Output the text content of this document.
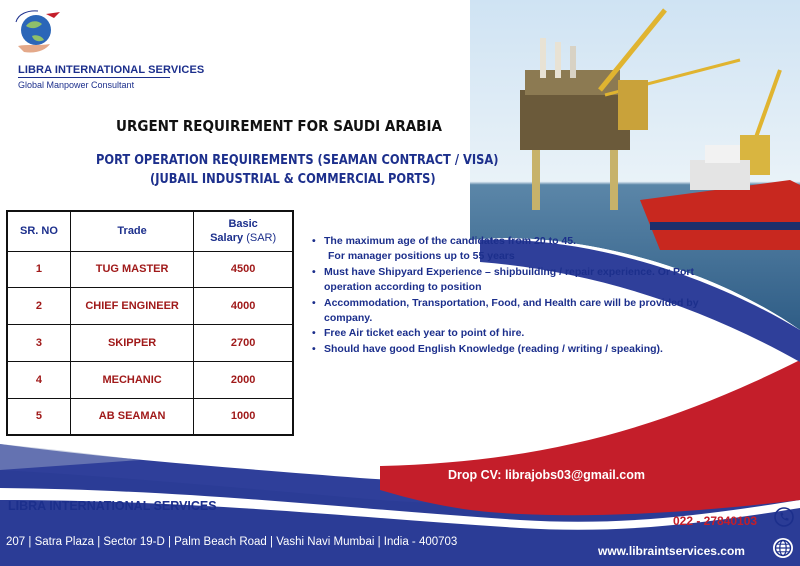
LIBRA INTERNATIONAL SERVICES
Global Manpower Consultant
URGENT REQUIREMENT FOR SAUDI ARABIA
PORT OPERATION REQUIREMENTS (SEAMAN CONTRACT / VISA)
(JUBAIL INDUSTRIAL & COMMERCIAL PORTS)
SR. NO	Trade	Basic
Salary (SAR)

1	TUG MASTER	4500
2	CHIEF ENGINEER	4000
3	SKIPPER	2700
4	MECHANIC	2000
5	AB SEAMAN	1000
• The maximum age of the candidates from 20 to 45.
For manager positions up to 55 years
• Must have Shipyard Experience – shipbuilding / repair experience. Or Port operation according to position
• Accommodation, Transportation, Food, and Health care will be provided by company.
• Free Air ticket each year to point of hire.
• Should have good English Knowledge (reading / writing / speaking).
Drop CV: librajobs03@gmail.com
LIBRA INTERNATIONAL SERVICES
207 | Satra Plaza | Sector 19-D | Palm Beach Road | Vashi Navi Mumbai | India - 400703
022 - 27840103
www.libraintservices.com
